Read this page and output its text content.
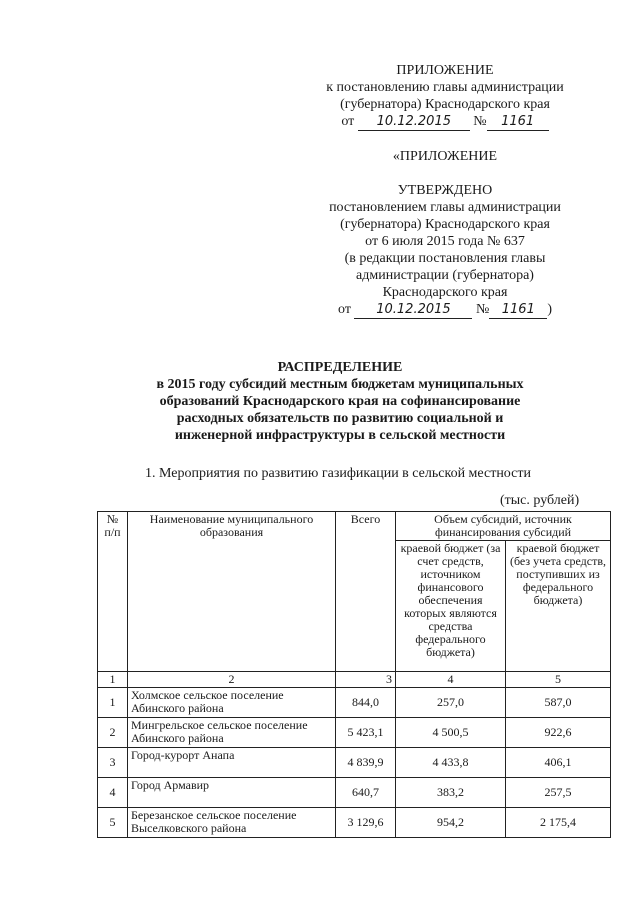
ПРИЛОЖЕНИЕ
к постановлению главы администрации
(губернатора) Краснодарского края
от 10.12.2015 № 1161
«ПРИЛОЖЕНИЕ
УТВЕРЖДЕНО
постановлением главы администрации
(губернатора) Краснодарского края
от 6 июля 2015 года № 637
(в редакции постановления главы
администрации (губернатора)
Краснодарского края
от 10.12.2015 № 1161 )
РАСПРЕДЕЛЕНИЕ
в 2015 году субсидий местным бюджетам муниципальных
образований Краснодарского края на софинансирование
расходных обязательств по развитию социальной и
инженерной инфраструктуры в сельской местности
1. Мероприятия по развитию газификации в сельской местности
(тыс. рублей)
№ п/п	Наименование муниципального образования	Всего	Объем субсидий, источник финансирования субсидий	
			краевой бюджет (за счет средств, источником финансового обеспечения которых являются средства федерального бюджета)	краевой бюджет (без учета средств, поступивших из федерального бюджета)
1	2	3	4	5
1	Холмское сельское поселение Абинского района	844,0	257,0	587,0
2	Мингрельское сельское поселение Абинского района	5 423,1	4 500,5	922,6
3	Город-курорт Анапа	4 839,9	4 433,8	406,1
4	Город Армавир	640,7	383,2	257,5
5	Березанское сельское поселение Выселковского района	3 129,6	954,2	2 175,4
